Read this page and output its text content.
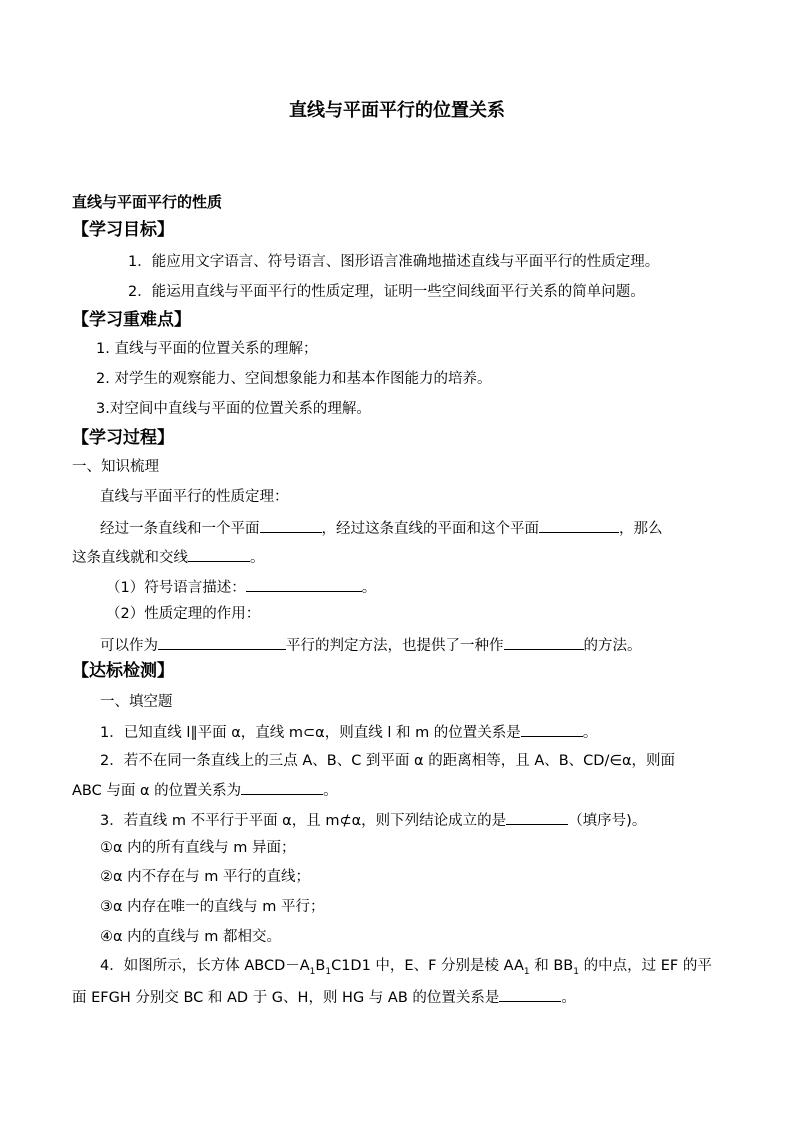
直线与平面平行的位置关系
直线与平面平行的性质
【学习目标】
1．能应用文字语言、符号语言、图形语言准确地描述直线与平面平行的性质定理。
2．能运用直线与平面平行的性质定理，证明一些空间线面平行关系的简单问题。
【学习重难点】
1. 直线与平面的位置关系的理解；
2. 对学生的观察能力、空间想象能力和基本作图能力的培养。
3.对空间中直线与平面的位置关系的理解。
【学习过程】
一、知识梳理
直线与平面平行的性质定理：
经过一条直线和一个平面	，经过这条直线的平面和这个平面	，那么
这条直线就和交线	。
（1）符号语言描述：	。
（2）性质定理的作用：
可以作为	平行的判定方法，也提供了一种作	的方法。
【达标检测】
一、填空题
1．已知直线 l∥平面 α，直线 m⊂α，则直线 l 和 m 的位置关系是	。
2．若不在同一条直线上的三点 A、B、C 到平面 α 的距离相等，且 A、B、CD/∈α，则面
ABC 与面 α 的位置关系为	。
3．若直线 m 不平行于平面 α，且 m⊄α，则下列结论成立的是	（填序号)。
①α 内的所有直线与 m 异面；
②α 内不存在与 m 平行的直线；
③α 内存在唯一的直线与 m 平行；
④α 内的直线与 m 都相交。
4．如图所示，长方体 $ABCD-A_1B_1C1D1$ 中，E、F 分别是棱 $AA_1$ 和 $BB_1$ 的中点，过 EF 的平
面 EFGH 分别交 BC 和 AD 于 G、H，则 HG 与 AB 的位置关系是	。
